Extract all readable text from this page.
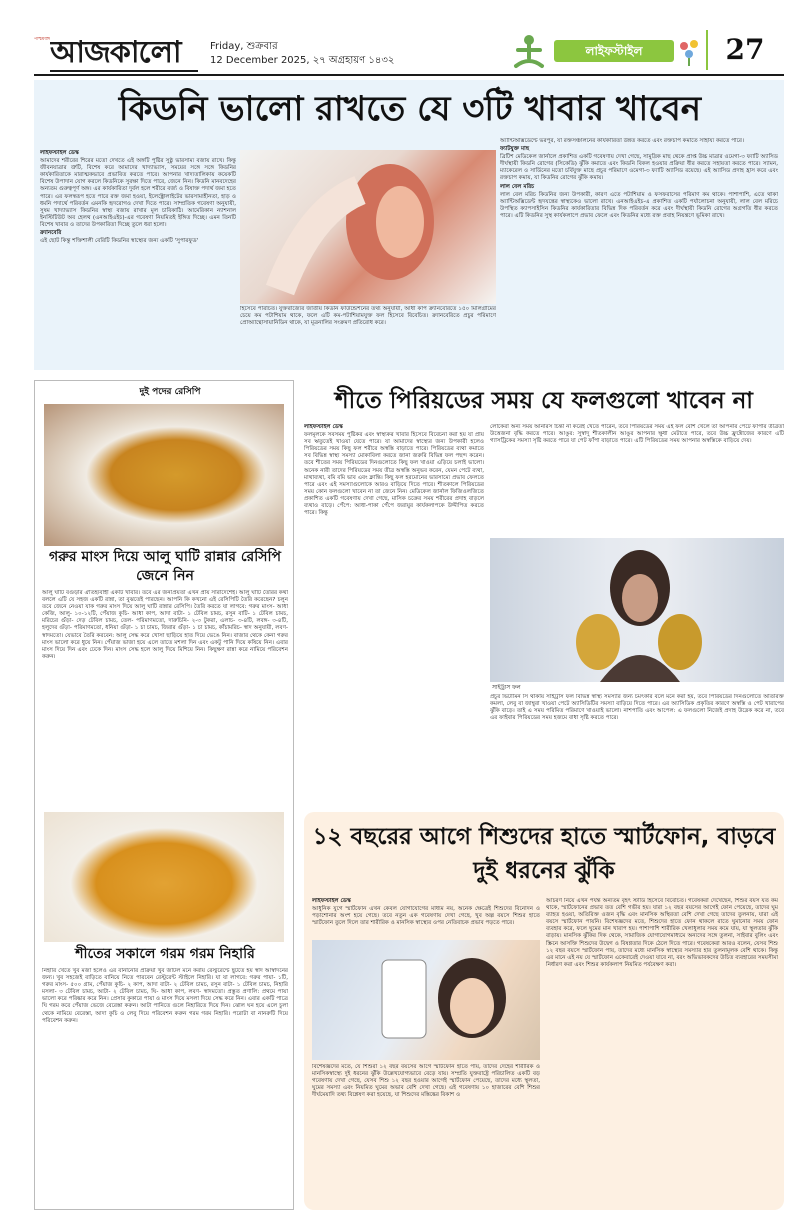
পশ্চিমবঙ্গ আজকালো	Friday, শুক্রবার
12 December 2025, ২৭ অগ্রহায়ণ ১৪৩২
লাইফস্টাইল	27
কিডনি ভালো রাখতে যে ৩টি খাবার খাবেন

লাইফস্টাইল ডেস্ক

আমাদের শরীরের শিরের মতো দেখতে এই অঙ্গটি পুষ্টির সুষ্ঠু ভারসাম্য বজায় রাখে। কিন্তু জীবনযাত্রার ত্রুটি, বিশেষ করে আমাদের খাদ্যাভ্যাস, সময়ের সঙ্গে সঙ্গে কিডনির কার্যকারিতাকে মারাত্মকভাবে প্রভাবিত করতে পারে। আপনার খাদ্যতালিকায় কয়েকটি বিশেষ উপাদান যোগ করলে কিডনিকে সুরক্ষা দিতে পারে, জেনে নিন। কিডনি মানবদেহের অন্যতম গুরুত্বপূর্ণ অঙ্গ। এর কার্যকারিতা দুর্বল হলে শরীরে বর্জ্য ও বিষাক্ত পদার্থ জমা হতে পারে। এর ফলস্বরূপ হতে পারে রক্ত জমা হওয়া, ইলেক্ট্রোলাইটের ভারসাম্যহীনতা, হাড় ও ধমনি পদার্থে পরিবর্তন এমনকি হৃদরোগও দেখা দিতে পারে। সাম্প্রতিক গবেষণা অনুযায়ী, সুষম খাদ্যাভ্যাস কিডনির স্বাস্থ্য বজায় রাখার মূল চাবিকাঠি। আমেরিকান ন্যাশনাল ইনস্টিটিউট অব হেলথ (এনআইএইচ)-এর গবেষণা নিয়মিতই ইঙ্গিত দিচ্ছে। এমন তিনটি বিশেষ খাবার ও তাদের উপকারিতা দিচ্ছে তুলে ধরা হলো।

ক্র্যানবেরি

এই ছোট কিন্তু শক্তিশালী বেরিটি কিডনির স্বাস্থ্যের জন্য একটি 'সুপারফুড'

হিসেবে পরিচিত। যুক্তরাজ্যের জাতীয় কিডনি ফাউন্ডেশনের তথ্য অনুযায়ী, আধা কাপ ক্র্যানবেরিতে ১৫০ মিলিগ্রামের চেয়ে কম পটাশিয়াম থাকে, ফলে এটি কম-পটাশিয়ামযুক্ত ফল হিসেবে বিবেচিত। ক্র্যানবেরিতে প্রচুর পরিমাণে প্রোঅ্যান্থোসায়ানিডিন থাকে, যা মূত্রনালির সংক্রমণ প্রতিরোধ করে।

অ্যান্টিঅক্সিডেন্টে ভরপুর, যা রক্তসঞ্চালনের কার্যকারিতা উন্নত করতে এবং রক্তচাপ কমাতে সাহায্য করতে পারে।

ফ্যাটযুক্ত মাছ

ব্রিটিশ মেডিকেল জার্নালে প্রকাশিত একটি গবেষণায় দেখা গেছে, সামুদ্রিক মাছ থেকে প্রাপ্ত উচ্চ মাত্রার ওমেগা-৩ ফ্যাটি অ্যাসিড দীর্ঘস্থায়ী কিডনি রোগের (সিকেডি) ঝুঁকি কমাতে এবং কিডনি বিকল হওয়ার প্রক্রিয়া ধীর করতে সহায়তা করতে পারে। স্যামন, ম্যাকেরেল ও সার্ডিনের মতো চর্বিযুক্ত মাছে প্রচুর পরিমাণে ওমেগা-৩ ফ্যাটি অ্যাসিড রয়েছে। এই অ্যাসিড প্রদাহ হ্রাস করে এবং রক্তচাপ কমায়, যা কিডনির রোগের ঝুঁকি কমায়।

লাল বেল মরিচ

লাল বেল মরিচ কিডনির জন্য উপকারী, কারণ এতে পটাশিয়াম ও ফসফরাসের পরিমাণ কম থাকে। পাশাপাশি, এতে থাকা অ্যান্টিঅক্সিডেন্ট হৃদযন্ত্রের স্বাস্থ্যকেও ভালো রাখে। এনআইএইচ-এ প্রকাশিত একটি পর্যালোচনা অনুযায়ী, লাল বেল মরিচে উপস্থিত ক্যাপসাইসিন কিডনির কার্যকারিতার বিভিন্ন দিক পরিবর্তন করে এবং দীর্ঘস্থায়ী কিডনি রোগের অগ্রগতি ধীর করতে পারে। এটি কিডনির সুস্থ কার্যকলাপে প্রভাব ফেলে এবং কিডনির মধ্যে রক্ত প্রবাহ নিয়ন্ত্রণে ভূমিকা রাখে।

দুই পদের রেসিপি
গরুর মাংস দিয়ে আলু ঘাটি রান্নার রেসিপি জেনে নিন
আলু ঘাটি বগুড়ার ঐতিহ্যবাহী একটি খাবার। তবে এর জনপ্রিয়তা এখন প্রায় সারাদেশেই। আলু ঘাটি তৈরির কথা বললে এটি যে সহজ একটি রান্না, তা বুঝতেই পারছেন। আপনি কি কখনো এই রেসিপিটি তৈরি করেছেন? চলুন তবে জেনে নেওয়া যাক গরুর মাংস দিয়ে আলু ঘাটি রান্নার রেসিপি। তৈরি করতে যা লাগবে: গরুর মাংস- আধা কেজি, আলু- ১০-১২টি, পেঁয়াজ কুচি- আধা কাপ, আদা বাটা- ১ টেবিল চামচ, রসুন বাটি- ১ টেবিল চামচ, মরিচের গুঁড়া- দেড় টেবিল চামচ, তেল- পরিমাণমতো, দারুচিনি- ২-৩ টুকরা, এলাচ- ৩-৪টি, লবঙ্গ- ৩-৪টি, হলুদের গুঁড়া- পরিমাণমতো, ধনিয়া গুঁড়া- ১ চা চামচ, জিরার গুঁড়া- ১ চা চামচ, কাঁচামরিচ- স্বাদ অনুযায়ী, লবণ- স্বাদমতো। যেভাবে তৈরি করবেন: আলু সেদ্ধ করে খোসা ছাড়িয়ে হাত দিয়ে ভেঙে নিন। বাজার থেকে কেনা গরুর মাংস ভালো করে ধুয়ে নিন। পেঁয়াজ ভাজা হয়ে এলে তাতে মশলা দিন এবং একটু পানি দিয়ে কষিয়ে নিন। এবার মাংস দিয়ে দিন এবং ঢেকে দিন। মাংস সেদ্ধ হলে আলু দিয়ে মিশিয়ে নিন। কিছুক্ষণ রান্না করে নামিয়ে পরিবেশন করুন।
শীতের সকালে গরম গরম নিহারি
নিহারি খেতে খুব মজা হলেও এর বানানোর প্রক্রিয়া খুব জটিল মনে করায় রেস্টুরেন্টে ছুটতে হয় স্বাদ আস্বাদনের জন্য। খুব সহজেই বাড়িতে বানিয়ে নিতে পারবেন রেস্টুরেন্ট স্টাইলে নিহারি। যা যা লাগবে: গরুর পায়া- ১টি, গরুর মাংস- ৫০০ গ্রাম, পেঁয়াজ কুচি- ২ কাপ, আদা বাটা- ২ টেবিল চামচ, রসুন বাটা- ১ টেবিল চামচ, নিহারি মসলা- ৩ টেবিল চামচ, আটা- ২ টেবিল চামচ, ঘি- আধা কাপ, লবণ- স্বাদমতো। প্রস্তুত প্রণালি: প্রথমে পায়া ভালো করে পরিষ্কার করে নিন। প্রেসার কুকারে পায়া ও মাংস দিয়ে মসলা দিয়ে সেদ্ধ করে নিন। এবার একটি পাত্রে ঘি গরম করে পেঁয়াজ ভেজে বেরেস্তা করুন। আটা পানিতে গুলে নিহারিতে দিয়ে দিন। ঝোল ঘন হয়ে এলে চুলা থেকে নামিয়ে বেরেস্তা, আদা কুচি ও লেবু দিয়ে পরিবেশন করুন গরম গরম নিহারি। পরোটা বা নানরুটি দিয়ে পরিবেশন করুন।
শীতে পিরিয়ডের সময় যে ফলগুলো খাবেন না

লাইফস্টাইল ডেস্ক

ফলমূলকে সবসময় পুষ্টিকর এবং স্বাস্থ্যকর খাবার হিসেবে বিবেচনা করা হয় যা প্রায় সব ঋতুতেই খাওয়া যেতে পারে। যা আমাদের স্বাস্থ্যের জন্য উপকারী হলেও পিরিয়ডের সময় কিছু ফল শরীরে অস্বস্তি বাড়াতে পারে। পিরিয়ডের ব্যথা কমাতে সব বিভিন্ন স্বাস্থ্য সমস্যা মোকাবিলা করতে জানা জরুরি বিভিন্ন ফল পছন্দ করেন। তবে শীতের সময় পিরিয়ডের দিনগুলোতে কিছু ফল খাওয়া এড়িয়ে চলাই ভালো। অনেক নারী তাদের পিরিয়ডের সময় তীব্র অস্বস্তি অনুভব করেন, যেমন পেটে ব্যথা, মাথাব্যথা, বমি বমি ভাব এবং ক্লান্তি। কিছু ফল হরমোনের ভারসাম্যে প্রভাব ফেলতে পারে এবং এই সমস্যাগুলোকে আরও বাড়িয়ে দিতে পারে। শীতকালে পিরিয়ডের সময় কোন ফলগুলো খাবেন না তা জেনে নিন। মেডিকেল জার্নাল ফিজিওলজিতে প্রকাশিত একটি গবেষণায় দেখা গেছে, মাসিক চক্রের সময় শরীরের প্রদাহ বাড়লে ব্যথাও বাড়ে। পেঁপে: আধা-পাকা পেঁপে জরায়ুর কার্যকলাপকে উদ্দীপিত করতে পারে। কিন্তু

লোকেরা অন্য সময় আনারস চিন্তা না করেই খেতে পারেন, তবে পিরিয়ডের সময় এই ফল বেশি খেলে তা আপনার পেটে ফাঁপার তীব্রতা উত্তেজনা বৃদ্ধি করতে পারে। আঙুর: সুস্বাদু শীতকালীন আঙুর আপনার ক্ষুধা মেটাতে পারে, তবে উচ্চ ফ্রুক্টোজের কারণে এটি গ্যাসট্রিকের সমস্যা সৃষ্টি করতে পারে যা পেট ফাঁপা বাড়াতে পারে। এটি পিরিয়ডের সময় আপনার অস্বস্তিকে বাড়িয়ে দেয়।
সাইট্রাস ফল
প্রচুর ভিটামিন সি থাকায় সাইট্রাস ফল বিভিন্ন স্বাস্থ্য সমস্যার জন্য চমৎকার বলে মনে করা হয়, তবে পিরিয়ডের দিনগুলোতে অতিরিক্ত কমলা, লেবু বা জাম্বুরা খাওয়া পেটে অ্যাসিডিটির সমস্যা বাড়িয়ে দিতে পারে। এর অ্যাসিডিক প্রকৃতির কারণে অস্বস্তি ও পেট খারাপের ঝুঁকি বাড়ে। তাই এ সময় পরিমিত পরিমাণে খাওয়াই ভালো। নাশপাতি এবং আপেল: এ ফলগুলো নিজেই প্রদাহ উদ্রেক করে না, তবে এর ফাইবার পিরিয়ডের সময় হজমে বাধা সৃষ্টি করতে পারে।
১২ বছরের আগে শিশুদের হাতে স্মার্টফোন, বাড়বে দুই ধরনের ঝুঁকি

লাইফস্টাইল ডেস্ক

আধুনিক যুগে স্মার্টফোন এখন কেবল যোগাযোগের মাধ্যম নয়, অনেক ক্ষেত্রেই শিশুদের বিনোদন ও পড়াশোনার অংশ হয়ে গেছে। তবে নতুন এক গবেষণায় দেখা গেছে, খুব অল্প বয়সে শিশুর হাতে স্মার্টফোন তুলে দিলে তার শারীরিক ও মানসিক স্বাস্থ্যের ওপর নেতিবাচক প্রভাব পড়তে পারে।

বিশেষজ্ঞদের মতে, যে শিশুরা ১২ বছর বয়সের আগে স্মার্টফোন হাতে পায়, তাদের দেহের শারীরিক ও মানসিকস্বাস্থ্যে দুই ধরনের ঝুঁকি উল্লেখযোগ্যভাবে বেড়ে যায়। সম্প্রতি যুক্তরাষ্ট্রে পরিচালিত একটি বড় গবেষণায় দেখা গেছে, যেসব শিশু ১২ বছর হওয়ার আগেই স্মার্টফোন পেয়েছে, তাদের মধ্যে স্থূলতা, ঘুমের সমস্যা এবং নিয়মিত ঘুমের অভাব বেশি দেখা গেছে। এই গবেষণায় ১০ হাজারের বেশি শিশুর দীর্ঘমেয়াদি তথ্য বিশ্লেষণ করা হয়েছে, যা শিশুদের মস্তিষ্কের বিকাশ ও
আচরণ নিয়ে এখন পর্যন্ত অন্যতম বৃহৎ স্টাডি হিসেবে বিবেচিত। গবেষকরা দেখেছেন, শিশুর বয়স যত কম থাকে, স্মার্টফোনের প্রভাব তত বেশি গভীর হয়। যারা ১২ বছর বয়সের আগেই ফোন পেয়েছে, তাদের ঘুম ব্যাহত হওয়া, অতিরিক্ত ওজন বৃদ্ধি এবং মানসিক অস্থিরতা বেশি দেখা গেছে তাদের তুলনায়, যারা এই বয়সে স্মার্টফোন পায়নি। বিশেষজ্ঞদের মতে, শিশুদের হাতে ফোন থাকলে রাতে ঘুমানোর সময় ফোন ব্যবহার করে, ফলে ঘুমের মান খারাপ হয়। পাশাপাশি শারীরিক খেলাধুলার সময় কমে যায়, যা স্থূলতার ঝুঁকি বাড়ায়। মানসিক ঝুঁকির দিক থেকে, সামাজিক যোগাযোগমাধ্যমে অন্যদের সঙ্গে তুলনা, সাইবার বুলিং এবং স্ক্রিনে আসক্তি শিশুদের উদ্বেগ ও বিষণ্ণতার দিকে ঠেলে দিতে পারে। গবেষকেরা আরও বলেন, যেসব শিশু ১২ বছর বয়সে স্মার্টফোন পায়, তাদের মধ্যে মানসিক স্বাস্থ্যের সমস্যার হার তুলনামূলক বেশি থাকে। কিন্তু এর মানে এই নয় যে স্মার্টফোন একেবারেই দেওয়া যাবে না, বরং অভিভাবকদের উচিত ব্যবহারের সময়সীমা নির্ধারণ করা এবং শিশুর কার্যকলাপ নিয়মিত পর্যবেক্ষণ করা।
